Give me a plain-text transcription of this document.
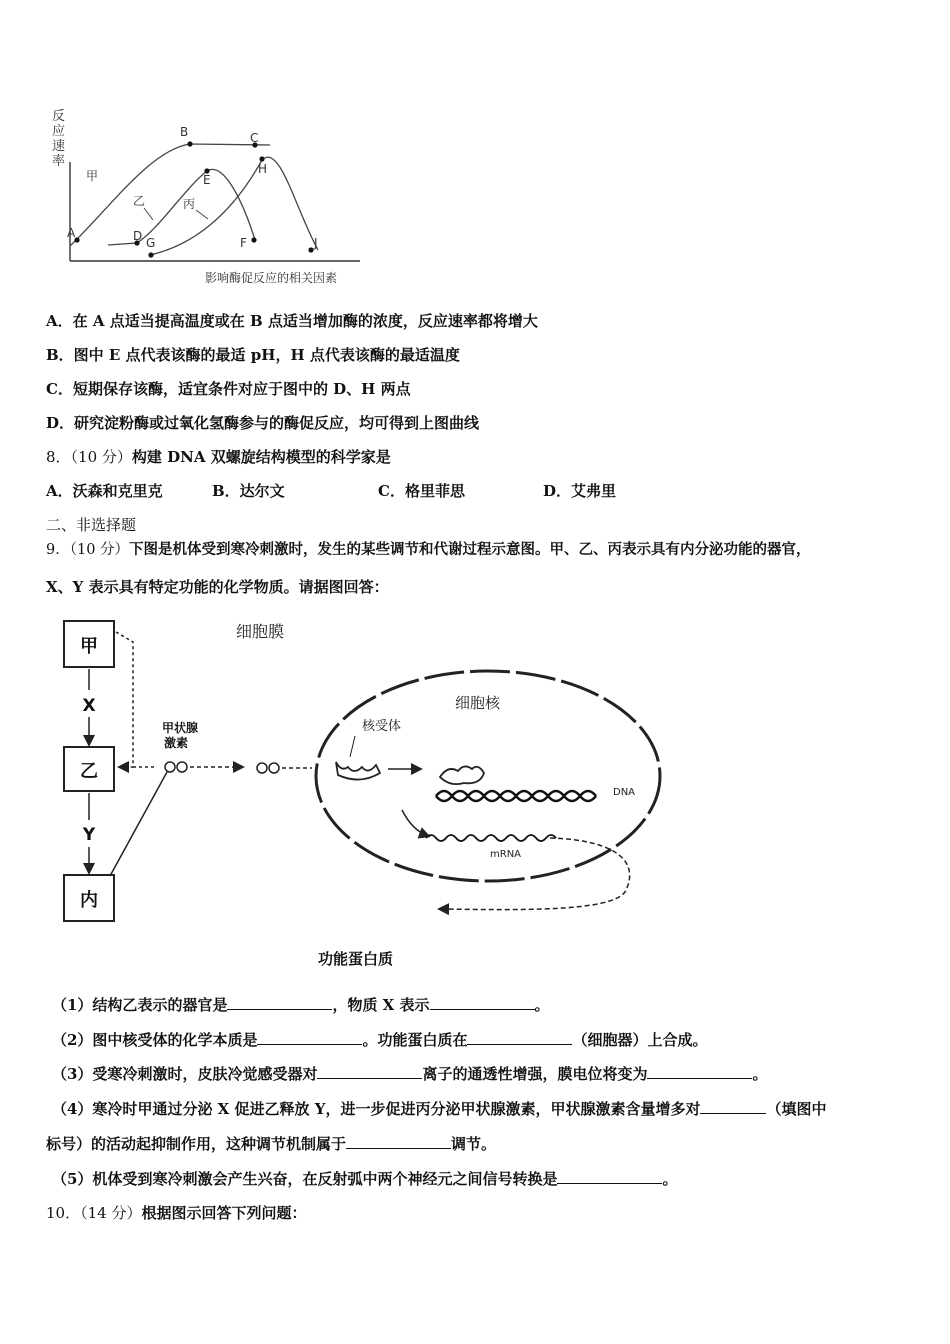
反
应
速
率
甲
乙	丙
A
B	C
D
E
F
G
H
J
影响酶促反应的相关因素
A．在 A 点适当提高温度或在 B 点适当增加酶的浓度，反应速率都将增大
B．图中 E 点代表该酶的最适 pH，H 点代表该酶的最适温度
C．短期保存该酶，适宜条件对应于图中的 D、H 两点
D．研究淀粉酶或过氧化氢酶参与的酶促反应，均可得到上图曲线
8．（10 分）构建 DNA 双螺旋结构模型的科学家是
A．沃森和克里克	B．达尔文	C．格里菲思	D．艾弗里
二、非选择题
9．（10 分）下图是机体受到寒冷刺激时，发生的某些调节和代谢过程示意图。甲、乙、丙表示具有内分泌功能的器官，
X、Y 表示具有特定功能的化学物质。请据图回答：
甲
乙
内
X
Y
甲状腺
激素
细胞膜
细胞核
核受体
DNA
mRNA
功能蛋白质
（1）结构乙表示的器官是	，物质 X 表示	。
（2）图中核受体的化学本质是	。功能蛋白质在	（细胞器）上合成。
（3）受寒冷刺激时，皮肤冷觉感受器对	离子的通透性增强，膜电位将变为	。
（4）寒冷时甲通过分泌 X 促进乙释放 Y，进一步促进丙分泌甲状腺激素，甲状腺激素含量增多对	（填图中
标号）的活动起抑制作用，这种调节机制属于	调节。
（5）机体受到寒冷刺激会产生兴奋，在反射弧中两个神经元之间信号转换是	。
10．（14 分）根据图示回答下列问题：
